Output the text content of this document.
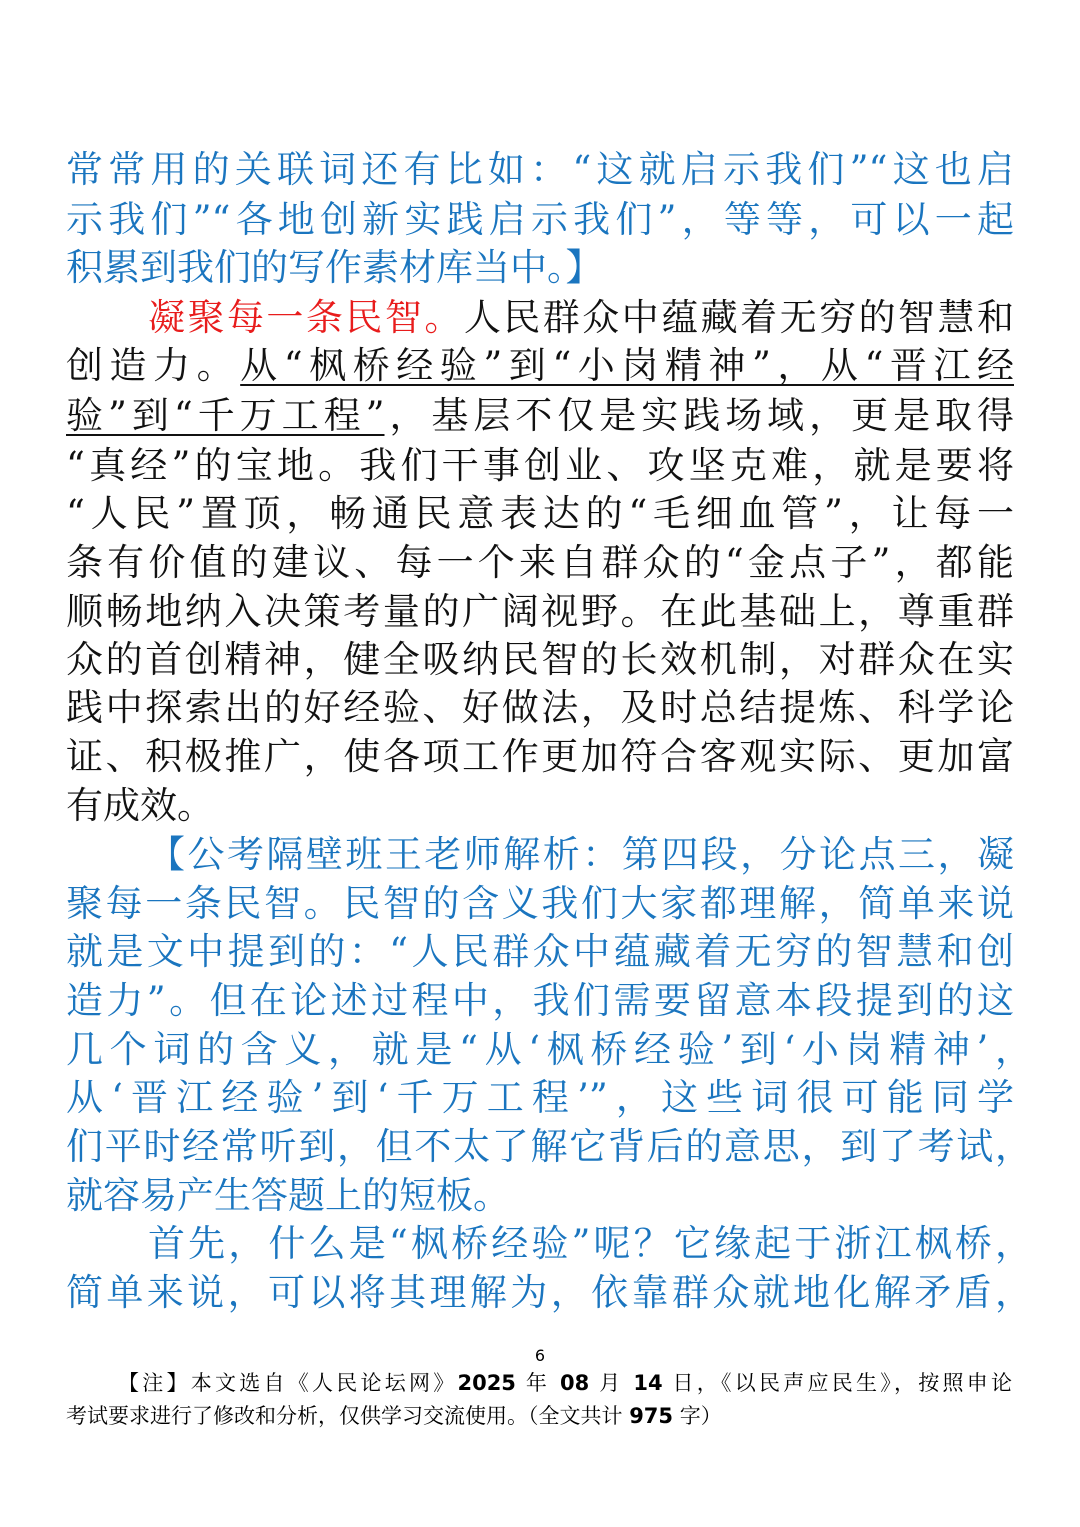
常常用的关联词还有比如：“这就启示我们”“这也启
示我们”“各地创新实践启示我们”，等等，可以一起
积累到我们的写作素材库当中。】
凝聚每一条民智。人民群众中蕴藏着无穷的智慧和
创造力。从“枫桥经验”到“小岗精神”，从“晋江经
验”到“千万工程”，基层不仅是实践场域，更是取得
“真经”的宝地。我们干事创业、攻坚克难，就是要将
“人民”置顶，畅通民意表达的“毛细血管”，让每一
条有价值的建议、每一个来自群众的“金点子”，都能
顺畅地纳入决策考量的广阔视野。在此基础上，尊重群
众的首创精神，健全吸纳民智的长效机制，对群众在实
践中探索出的好经验、好做法，及时总结提炼、科学论
证、积极推广，使各项工作更加符合客观实际、更加富
有成效。
【公考隔壁班王老师解析：第四段，分论点三，凝
聚每一条民智。民智的含义我们大家都理解，简单来说
就是文中提到的：“人民群众中蕴藏着无穷的智慧和创
造力”。但在论述过程中，我们需要留意本段提到的这
几个词的含义，就是“从‘枫桥经验’到‘小岗精神’，
从‘晋江经验’到‘千万工程’”，这些词很可能同学
们平时经常听到，但不太了解它背后的意思，到了考试，
就容易产生答题上的短板。
首先，什么是“枫桥经验”呢？它缘起于浙江枫桥，
简单来说，可以将其理解为，依靠群众就地化解矛盾，
6
【注】本文选自《人民论坛网》2025 年 08 月 14 日，《以民声应民生》，按照申论
考试要求进行了修改和分析，仅供学习交流使用。（全文共计 975 字）
